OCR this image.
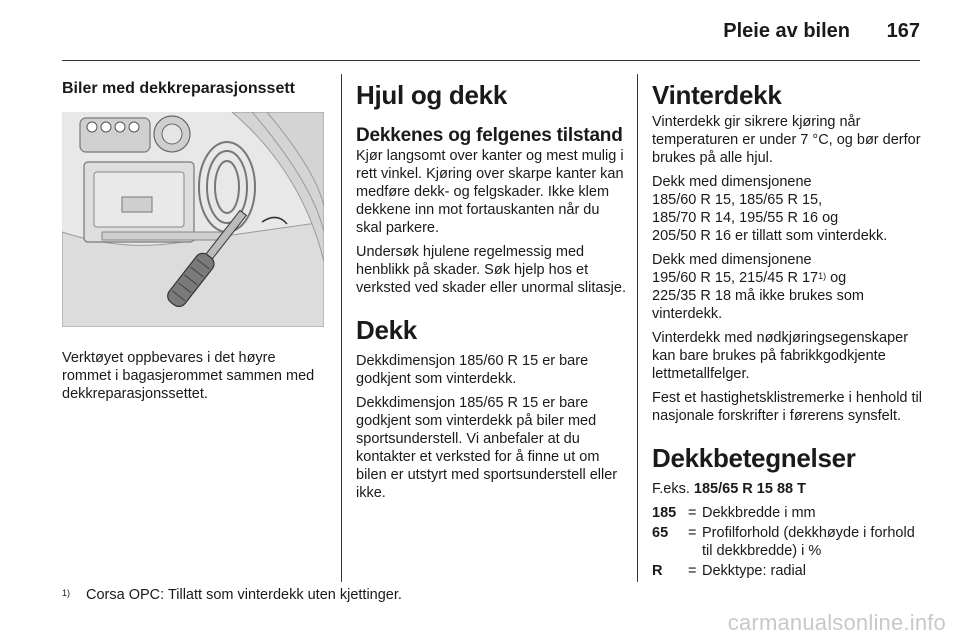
Pleie av bilen 167
Biler med dekkreparasjonssett

Verktøyet oppbevares i det høyre rommet i bagasjerommet sammen med dekkreparasjonssettet.

Hjul og dekk
Dekkenes og felgenes tilstand

Kjør langsomt over kanter og mest mulig i rett vinkel. Kjøring over skarpe kanter kan medføre dekk- og felgskader. Ikke klem dekkene inn mot fortauskanten når du skal parkere.

Undersøk hjulene regelmessig med henblikk på skader. Søk hjelp hos et verksted ved skader eller unormal slitasje.

Dekk

Dekkdimensjon 185/60 R 15 er bare godkjent som vinterdekk.

Dekkdimensjon 185/65 R 15 er bare godkjent som vinterdekk på biler med sportsunderstell. Vi anbefaler at du kontakter et verksted for å finne ut om bilen er utstyrt med sportsunderstell eller ikke.

Vinterdekk

Vinterdekk gir sikrere kjøring når temperaturen er under 7 °C, og bør derfor brukes på alle hjul.

Dekk med dimensjonene
185/60 R 15, 185/65 R 15,
185/70 R 14, 195/55 R 16 og
205/50 R 16 er tillatt som vinterdekk.

Dekk med dimensjonene
195/60 R 15, 215/45 R 17$^{1)}$ og
225/35 R 18 må ikke brukes som vinterdekk.

Vinterdekk med nødkjøringsegenskaper kan bare brukes på fabrikkgodkjente lettmetallfelger.

Fest et hastighetsklistremerke i henhold til nasjonale forskrifter i førerens synsfelt.

Dekkbetegnelser

F.eks. 185/65 R 15 88 T

185 = Dekkbredde i mm
65	= Profilforhold (dekkhøyde i forhold til dekkbredde) i %
R	= Dekktype: radial
$^{1)}$ Corsa OPC: Tillatt som vinterdekk uten kjettinger.
carmanualsonline.info
